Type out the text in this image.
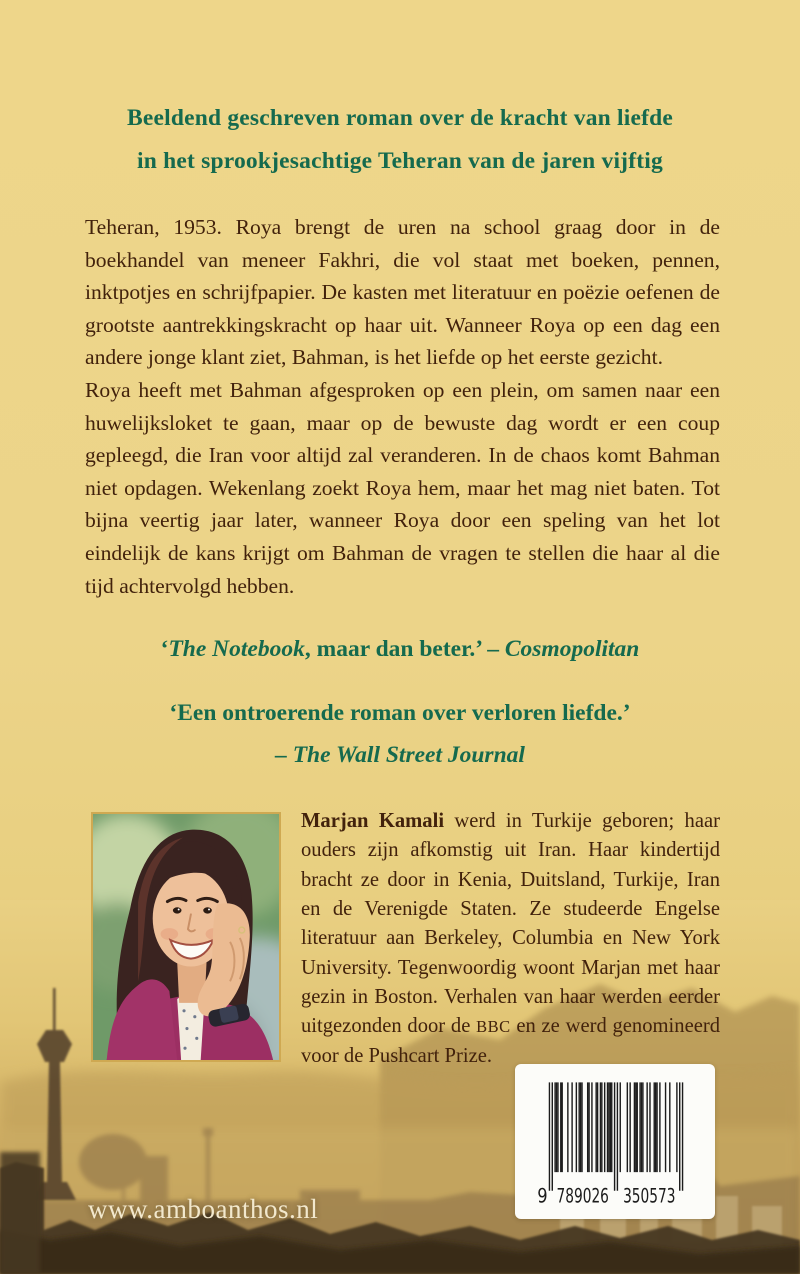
Beeldend geschreven roman over de kracht van liefde
in het sprookjesachtige Teheran van de jaren vijftig

Teheran, 1953. Roya brengt de uren na school graag door in de boekhandel van meneer Fakhri, die vol staat met boeken, pennen, inktpotjes en schrijfpapier. De kasten met literatuur en poëzie oefenen de grootste aantrekkingskracht op haar uit. Wanneer Roya op een dag een andere jonge klant ziet, Bahman, is het liefde op het eerste gezicht.

Roya heeft met Bahman afgesproken op een plein, om samen naar een huwelijksloket te gaan, maar op de bewuste dag wordt er een coup gepleegd, die Iran voor altijd zal veranderen. In de chaos komt Bahman niet opdagen. Wekenlang zoekt Roya hem, maar het mag niet baten. Tot bijna veertig jaar later, wanneer Roya door een speling van het lot eindelijk de kans krijgt om Bahman de vragen te stellen die haar al die tijd achtervolgd hebben.

‘The Notebook, maar dan beter.’ – Cosmopolitan
‘Een ontroerende roman over verloren liefde.’
– The Wall Street Journal
Marjan Kamali werd in Turkije geboren; haar ouders zijn afkomstig uit Iran. Haar kindertijd bracht ze door in Kenia, Duitsland, Turkije, Iran en de Verenigde Staten. Ze studeerde Engelse literatuur aan Berkeley, Columbia en New York University. Tegenwoordig woont Marjan met haar gezin in Boston. Verhalen van haar werden eerder uitgezonden door de BBC en ze werd genomineerd voor de Pushcart Prize.
www.amboanthos.nl	9 789026 350573
